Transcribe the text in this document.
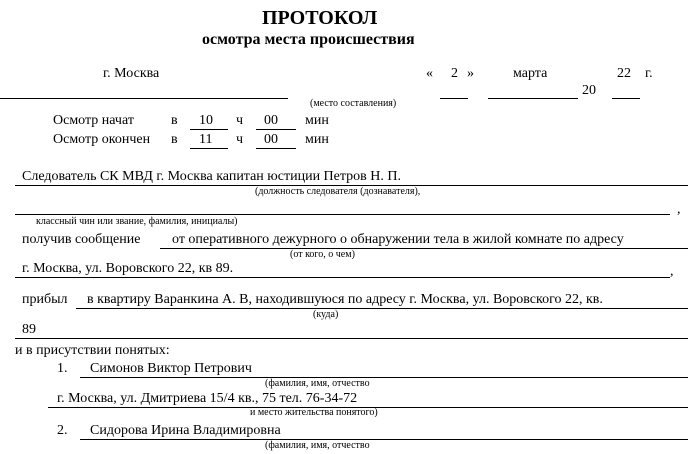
ПРОТОКОЛ
осмотра места происшествия
г. Москва
(место составления)
« 2 »	марта
20
22 г.
Осмотр начат	в 10 ч 00 мин
Осмотр окончен в 11 ч 00 мин
Следователь СК МВД г. Москва капитан юстиции Петров Н. П.
(должность следователя (дознавателя),
,
классный чин или звание, фамилия, инициалы)
получив сообщение от оперативного дежурного о обнаружении тела в жилой комнате по адресу
(от кого, о чем)
г. Москва, ул. Воровского 22, кв 89.	,
прибыл в квартиру Варанкина А. В, находившуюся по адресу г. Москва, ул. Воровского 22, кв.
(куда)
89
и в присутствии понятых:
1. Симонов Виктор Петрович
(фамилия, имя, отчество
г. Москва, ул. Дмитриева 15/4 кв., 75 тел. 76-34-72
и место жительства понятого)
2. Сидорова Ирина Владимировна
(фамилия, имя, отчество
